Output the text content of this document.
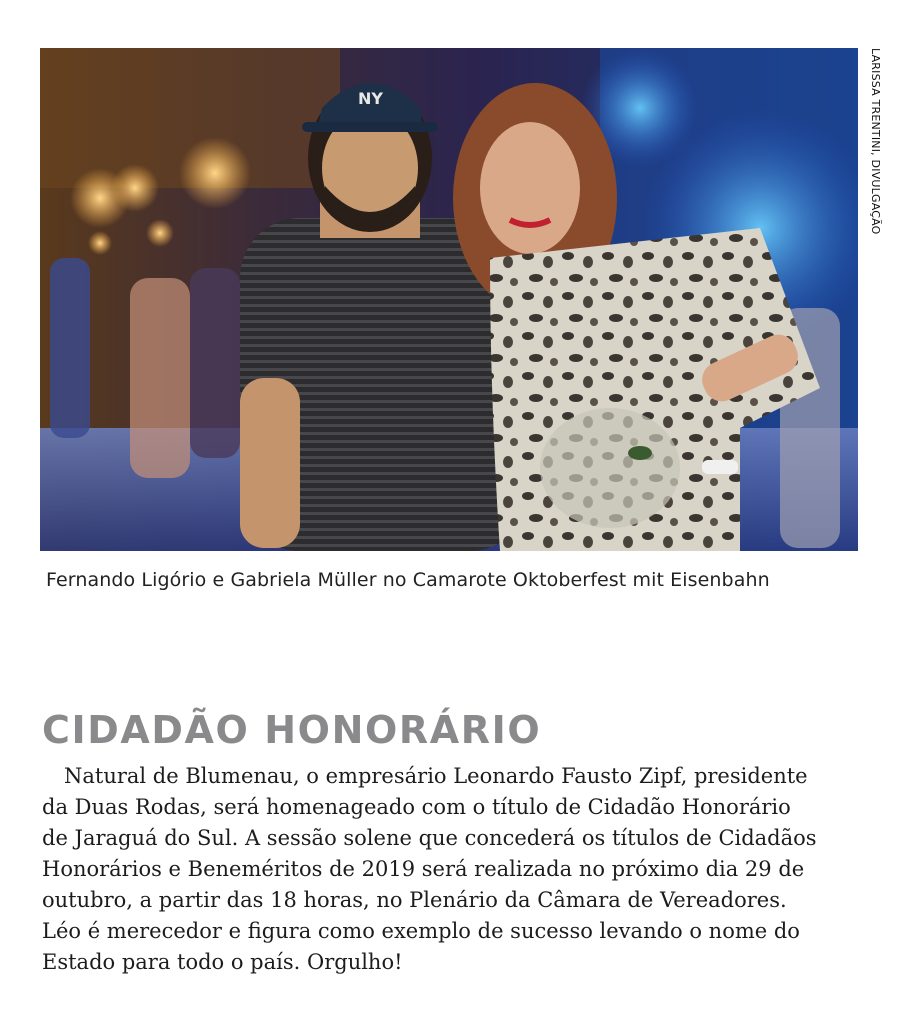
NY	LARISSA TRENTINI, DIVULGAÇÃO
Fernando Ligório e Gabriela Müller no Camarote Oktoberfest mit Eisenbahn
CIDADÃO HONORÁRIO

Natural de Blumenau, o empresário Leonardo Fausto Zipf, presidente
da Duas Rodas, será homenageado com o título de Cidadão Honorário
de Jaraguá do Sul. A sessão solene que concederá os títulos de Cidadãos
Honorários e Beneméritos de 2019 será realizada no próximo dia 29 de
outubro, a partir das 18 horas, no Plenário da Câmara de Vereadores.
Léo é merecedor e figura como exemplo de sucesso levando o nome do
Estado para todo o país. Orgulho!
